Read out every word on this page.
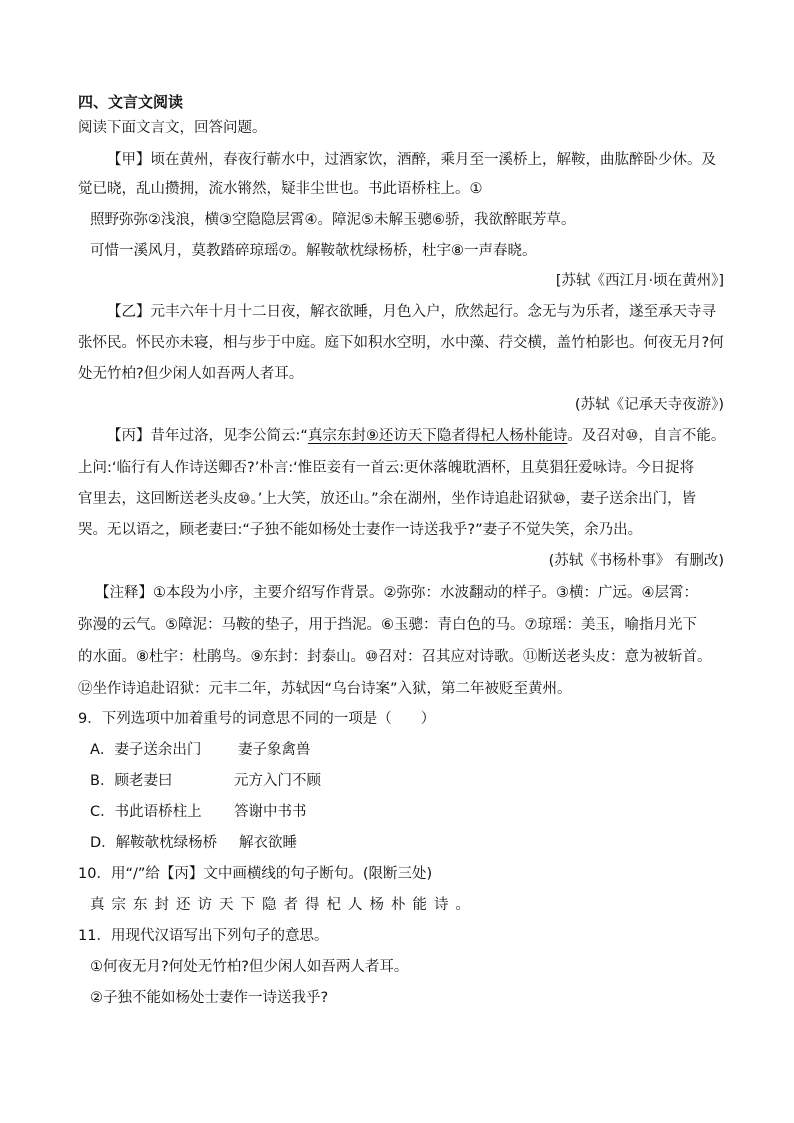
四、文言文阅读

阅读下面文言文，回答问题。

【甲】顷在黄州，春夜行蕲水中，过酒家饮，酒醉，乘月至一溪桥上，解鞍，曲肱醉卧少休。及

觉已晓，乱山攒拥，流水锵然，疑非尘世也。书此语桥柱上。①

照野弥弥②浅浪，横③空隐隐层霄④。障泥⑤未解玉骢⑥骄，我欲醉眠芳草。

可惜一溪风月，莫教踏碎琼瑶⑦。解鞍欹枕绿杨桥，杜宇⑧一声春晓。

[苏轼《西江月·顷在黄州》]

【乙】元丰六年十月十二日夜，解衣欲睡，月色入户，欣然起行。念无与为乐者，遂至承天寺寻

张怀民。怀民亦未寝，相与步于中庭。庭下如积水空明，水中藻、荇交横，盖竹柏影也。何夜无月?何

处无竹柏?但少闲人如吾两人者耳。

(苏轼《记承天寺夜游》)

【丙】昔年过洛，见李公简云:“真宗东封⑨还访天下隐者得杞人杨朴能诗。及召对⑩，自言不能。

上问:‘临行有人作诗送卿否?’朴言:‘惟臣妾有一首云:更休落魄耽酒杯，且莫猖狂爱咏诗。今日捉将

官里去，这回断送老头皮⑩。’上大笑，放还山。”余在湖州，坐作诗追赴诏狱⑩，妻子送余出门，皆

哭。无以语之，顾老妻曰:“子独不能如杨处士妻作一诗送我乎?”妻子不觉失笑，余乃出。

(苏轼《书杨朴事》 有删改)

【注释】①本段为小序，主要介绍写作背景。②弥弥：水波翻动的样子。③横：广远。④层霄：

弥漫的云气。⑤障泥：马鞍的垫子，用于挡泥。⑥玉骢：青白色的马。⑦琼瑶：美玉，喻指月光下

的水面。⑧杜宇：杜鹃鸟。⑨东封：封泰山。⑩召对：召其应对诗歌。⑪断送老头皮：意为被斩首。

⑫坐作诗追赴诏狱：元丰二年，苏轼因“乌台诗案”入狱，第二年被贬至黄州。

9．下列选项中加着重号的词意思不同的一项是（　　）

A．妻子送余出门	妻子象禽兽

B．顾老妻曰	元方入门不顾

C．书此语桥柱上 答谢中书书

D．解鞍欹枕绿杨桥 解衣欲睡

10．用“/”给【丙】文中画横线的句子断句。(限断三处)

真宗东封还访天下隐者得杞人杨朴能诗。

11．用现代汉语写出下列句子的意思。

①何夜无月?何处无竹柏?但少闲人如吾两人者耳。

②子独不能如杨处士妻作一诗送我乎?
